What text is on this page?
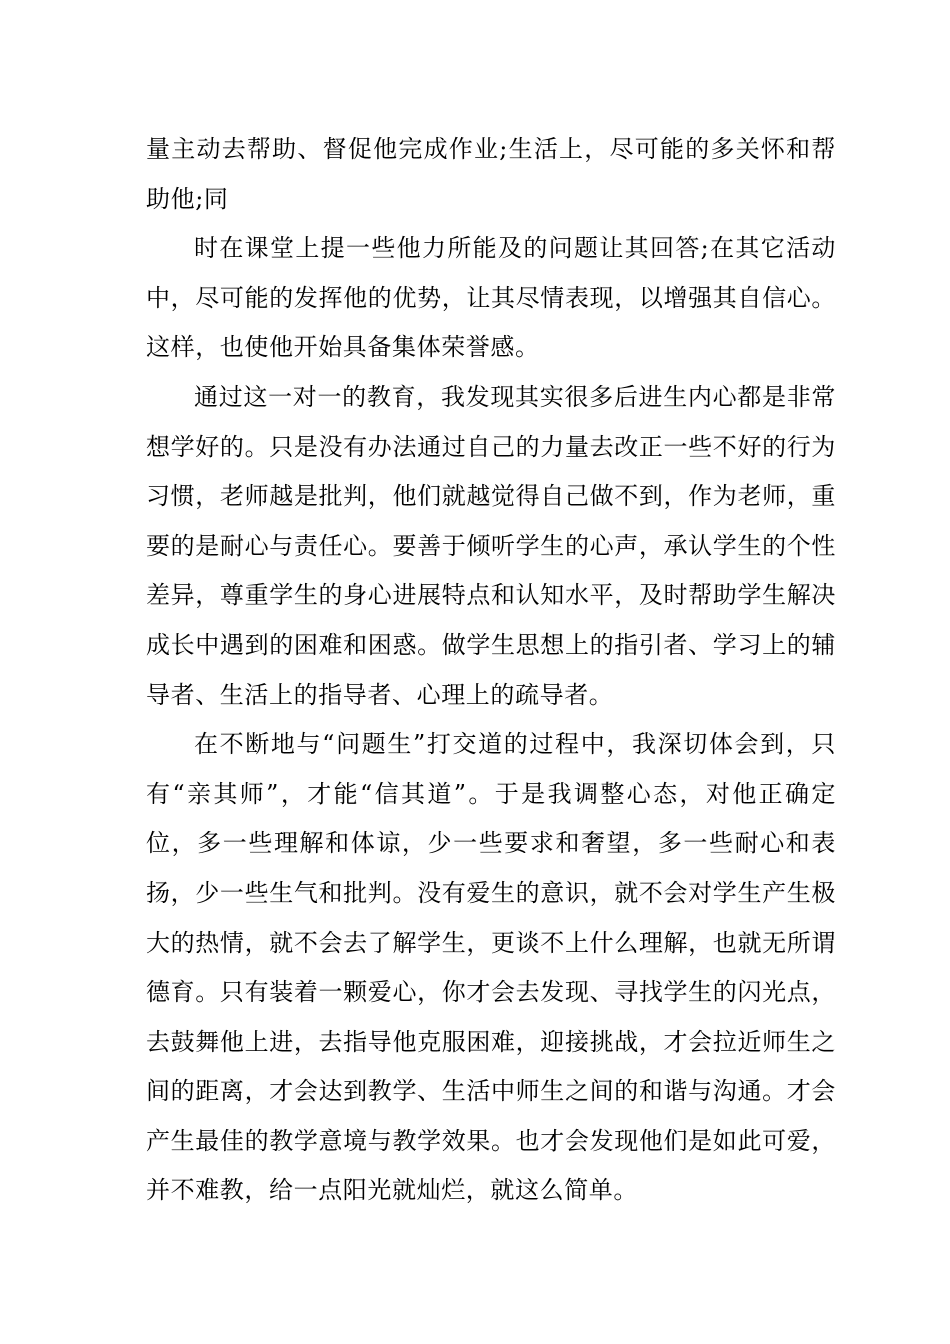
量主动去帮助、督促他完成作业;生活上，尽可能的多关怀和帮助他;同

时在课堂上提一些他力所能及的问题让其回答;在其它活动中，尽可能的发挥他的优势，让其尽情表现，以增强其自信心。这样，也使他开始具备集体荣誉感。

通过这一对一的教育，我发现其实很多后进生内心都是非常想学好的。只是没有办法通过自己的力量去改正一些不好的行为习惯，老师越是批判，他们就越觉得自己做不到，作为老师，重要的是耐心与责任心。要善于倾听学生的心声，承认学生的个性差异，尊重学生的身心进展特点和认知水平，及时帮助学生解决成长中遇到的困难和困惑。做学生思想上的指引者、学习上的辅导者、生活上的指导者、心理上的疏导者。

在不断地与“问题生”打交道的过程中，我深切体会到，只有“亲其师”，才能“信其道”。于是我调整心态，对他正确定位，多一些理解和体谅，少一些要求和奢望，多一些耐心和表扬，少一些生气和批判。没有爱生的意识，就不会对学生产生极大的热情，就不会去了解学生，更谈不上什么理解，也就无所谓德育。只有装着一颗爱心，你才会去发现、寻找学生的闪光点，去鼓舞他上进，去指导他克服困难，迎接挑战，才会拉近师生之间的距离，才会达到教学、生活中师生之间的和谐与沟通。才会产生最佳的教学意境与教学效果。也才会发现他们是如此可爱，并不难教，给一点阳光就灿烂，就这么简单。
